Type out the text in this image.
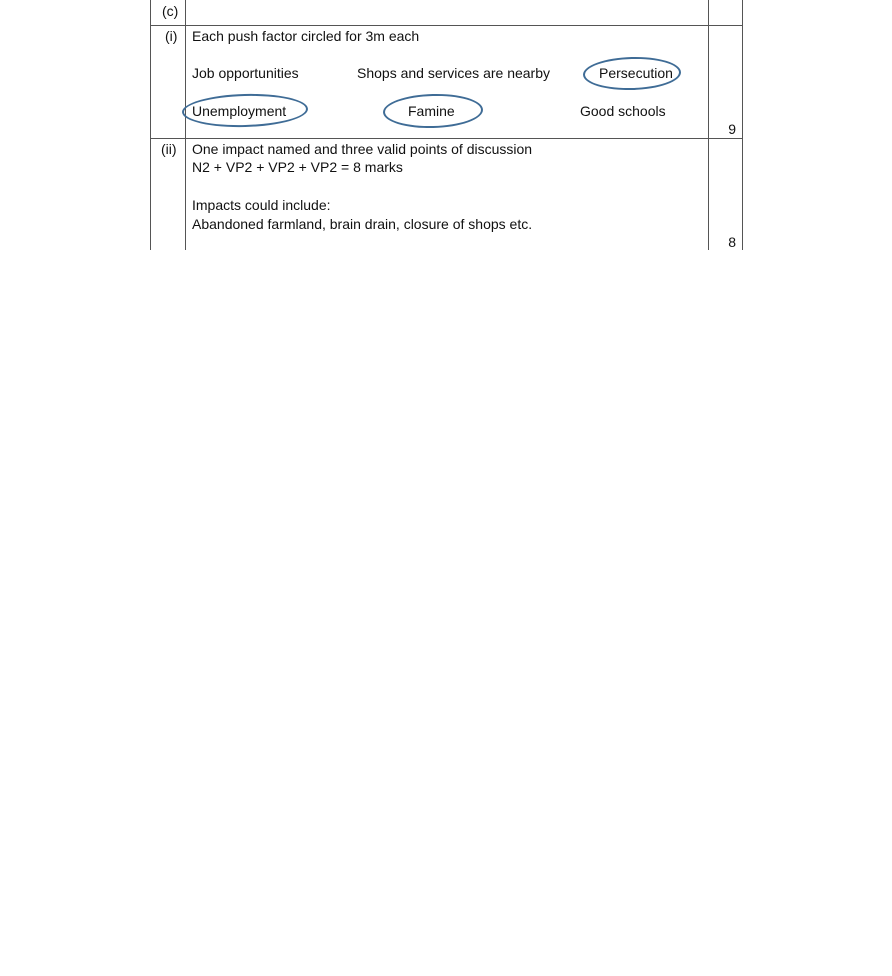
(c)
(i) Each push factor circled for 3m each
Job opportunities	Shops and services are nearby	Persecution
Unemployment	Famine	Good schools
9
(ii) One impact named and three valid points of discussion
N2 + VP2 + VP2 + VP2 = 8 marks
Impacts could include:
Abandoned farmland, brain drain, closure of shops etc.
8
